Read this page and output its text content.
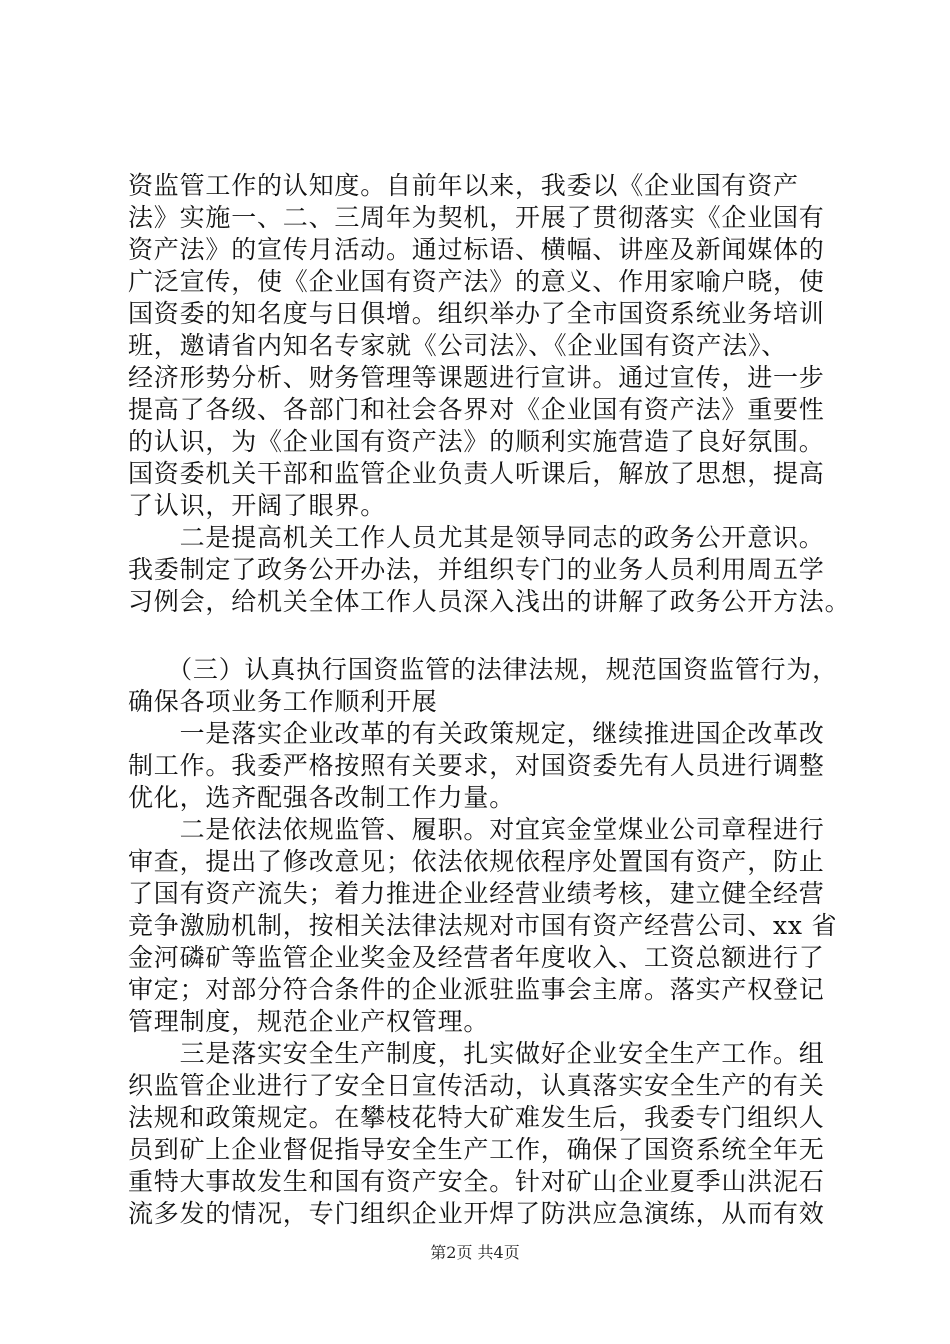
资监管工作的认知度。自前年以来，我委以《企业国有资产
法》实施一、二、三周年为契机，开展了贯彻落实《企业国有
资产法》的宣传月活动。通过标语、横幅、讲座及新闻媒体的
广泛宣传，使《企业国有资产法》的意义、作用家喻户晓，使
国资委的知名度与日俱增。组织举办了全市国资系统业务培训
班，邀请省内知名专家就《公司法》、《企业国有资产法》、
经济形势分析、财务管理等课题进行宣讲。通过宣传，进一步
提高了各级、各部门和社会各界对《企业国有资产法》重要性
的认识，为《企业国有资产法》的顺利实施营造了良好氛围。
国资委机关干部和监管企业负责人听课后，解放了思想，提高
了认识，开阔了眼界。
　　二是提高机关工作人员尤其是领导同志的政务公开意识。
我委制定了政务公开办法，并组织专门的业务人员利用周五学
习例会，给机关全体工作人员深入浅出的讲解了政务公开方法。
　　（三）认真执行国资监管的法律法规，规范国资监管行为，
确保各项业务工作顺利开展
　　一是落实企业改革的有关政策规定，继续推进国企改革改
制工作。我委严格按照有关要求，对国资委先有人员进行调整
优化，选齐配强各改制工作力量。
　　二是依法依规监管、履职。对宜宾金堂煤业公司章程进行
审查，提出了修改意见；依法依规依程序处置国有资产，防止
了国有资产流失；着力推进企业经营业绩考核，建立健全经营
竞争激励机制，按相关法律法规对市国有资产经营公司、xx 省
金河磷矿等监管企业奖金及经营者年度收入、工资总额进行了
审定；对部分符合条件的企业派驻监事会主席。落实产权登记
管理制度，规范企业产权管理。
　　三是落实安全生产制度，扎实做好企业安全生产工作。组
织监管企业进行了安全日宣传活动，认真落实安全生产的有关
法规和政策规定。在攀枝花特大矿难发生后，我委专门组织人
员到矿上企业督促指导安全生产工作，确保了国资系统全年无
重特大事故发生和国有资产安全。针对矿山企业夏季山洪泥石
流多发的情况，专门组织企业开焊了防洪应急演练，从而有效
第2页 共4页
